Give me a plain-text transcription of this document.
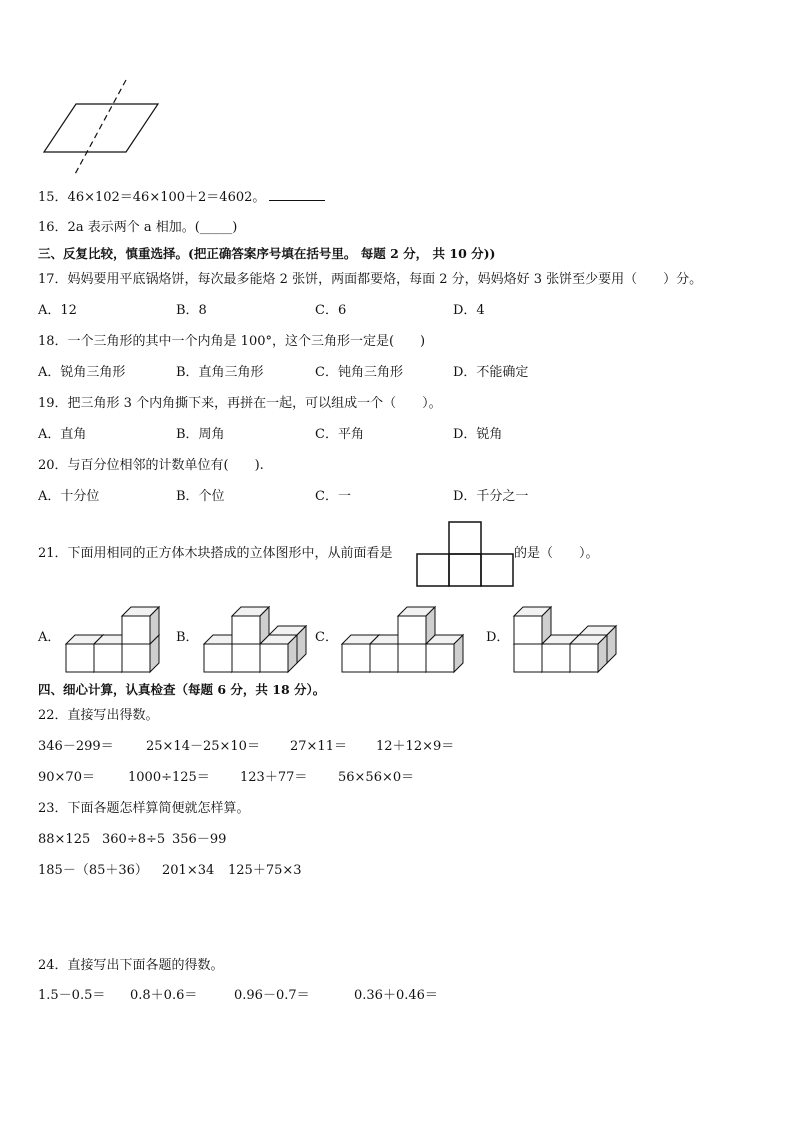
15．46×102＝46×100＋2＝4602。
16．2a 表示两个 a 相加。(_____)
三、反复比较，慎重选择。(把正确答案序号填在括号里。 每题 2 分， 共 10 分))
17．妈妈要用平底锅烙饼，每次最多能烙 2 张饼，两面都要烙，每面 2 分，妈妈烙好 3 张饼至少要用（　　）分。
A．12	B．8	C．6	D．4
18．一个三角形的其中一个内角是 100°，这个三角形一定是(　　)
A．锐角三角形	B．直角三角形	C．钝角三角形	D．不能确定
19．把三角形 3 个内角撕下来，再拼在一起，可以组成一个（　　）。
A．直角	B．周角	C．平角	D．锐角
20．与百分位相邻的计数单位有(　　).
A．十分位	B．个位	C．一	D．千分之一
21．下面用相同的正方体木块搭成的立体图形中，从前面看是	的是（　　）。
A．	B．	C．	D．
四、细心计算，认真检查（每题 6 分，共 18 分）。
22．直接写出得数。
346－299＝ 25×14－25×10＝ 27×11＝ 12＋12×9＝
90×70＝	1000÷125＝ 123＋77＝ 56×56×0＝
23．下面各题怎样算简便就怎样算。
88×125 360÷8÷5 356－99
185－（85＋36） 201×34 125＋75×3
24．直接写出下面各题的得数。
1.5－0.5＝ 0.8＋0.6＝	0.96－0.7＝	0.36＋0.46＝
